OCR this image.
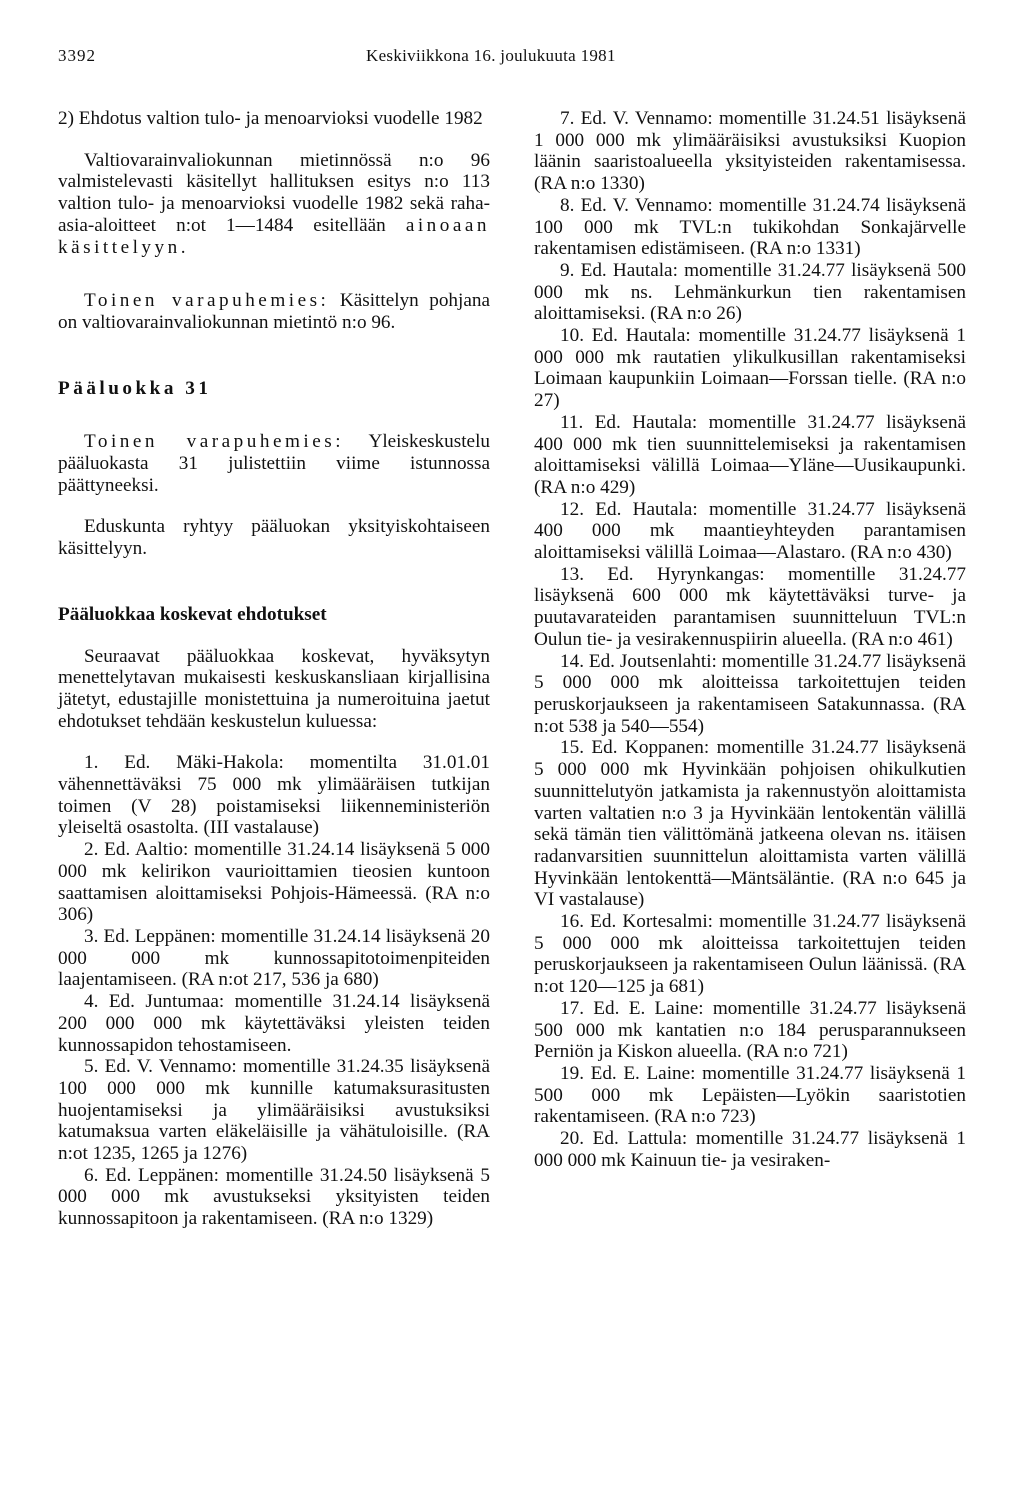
3392	Keskiviikkona 16. joulukuuta 1981

2) Ehdotus valtion tulo- ja menoarvioksi vuodelle 1982

Valtiovarainvaliokunnan mietinnössä n:o 96 valmistelevasti käsitellyt hallituksen esitys n:o 113 valtion tulo- ja menoarvioksi vuodelle 1982 sekä raha-asia-aloitteet n:ot 1—1484 esitellään ainoaan käsittelyyn.

Toinen varapuhemies: Käsittelyn pohjana on valtiovarainvaliokunnan mietintö n:o 96.

Pääluokka 31

Toinen varapuhemies: Yleiskeskustelu pääluokasta 31 julistettiin viime istunnossa päättyneeksi.

Eduskunta ryhtyy pääluokan yksityiskohtaiseen käsittelyyn.

Pääluokkaa koskevat ehdotukset

Seuraavat pääluokkaa koskevat, hyväksytyn menettelytavan mukaisesti keskuskansliaan kirjallisina jätetyt, edustajille monistettuina ja numeroituina jaetut ehdotukset tehdään keskustelun kuluessa:

1. Ed. Mäki-Hakola: momentilta 31.01.01 vähennettäväksi 75 000 mk ylimääräisen tutkijan toimen (V 28) poistamiseksi liikenneministeriön yleiseltä osastolta. (III vastalause)

2. Ed. Aaltio: momentille 31.24.14 lisäyksenä 5 000 000 mk kelirikon vaurioittamien tieosien kuntoon saattamisen aloittamiseksi Pohjois-Hämeessä. (RA n:o 306)

3. Ed. Leppänen: momentille 31.24.14 lisäyksenä 20 000 000 mk kunnossapitotoimenpiteiden laajentamiseen. (RA n:ot 217, 536 ja 680)

4. Ed. Juntumaa: momentille 31.24.14 lisäyksenä 200 000 000 mk käytettäväksi yleisten teiden kunnossapidon tehostamiseen.

5. Ed. V. Vennamo: momentille 31.24.35 lisäyksenä 100 000 000 mk kunnille katumaksurasitusten huojentamiseksi ja ylimääräisiksi avustuksiksi katumaksua varten eläkeläisille ja vähätuloisille. (RA n:ot 1235, 1265 ja 1276)

6. Ed. Leppänen: momentille 31.24.50 lisäyksenä 5 000 000 mk avustukseksi yksityisten teiden kunnossapitoon ja rakentamiseen. (RA n:o 1329)

7. Ed. V. Vennamo: momentille 31.24.51 lisäyksenä 1 000 000 mk ylimääräisiksi avustuksiksi Kuopion läänin saaristoalueella yksityisteiden rakentamisessa. (RA n:o 1330)

8. Ed. V. Vennamo: momentille 31.24.74 lisäyksenä 100 000 mk TVL:n tukikohdan Sonkajärvelle rakentamisen edistämiseen. (RA n:o 1331)

9. Ed. Hautala: momentille 31.24.77 lisäyksenä 500 000 mk ns. Lehmänkurkun tien rakentamisen aloittamiseksi. (RA n:o 26)

10. Ed. Hautala: momentille 31.24.77 lisäyksenä 1 000 000 mk rautatien ylikulkusillan rakentamiseksi Loimaan kaupunkiin Loimaan—Forssan tielle. (RA n:o 27)

11. Ed. Hautala: momentille 31.24.77 lisäyksenä 400 000 mk tien suunnittelemiseksi ja rakentamisen aloittamiseksi välillä Loimaa—Yläne—Uusikaupunki. (RA n:o 429)

12. Ed. Hautala: momentille 31.24.77 lisäyksenä 400 000 mk maantieyhteyden parantamisen aloittamiseksi välillä Loimaa—Alastaro. (RA n:o 430)

13. Ed. Hyrynkangas: momentille 31.24.77 lisäyksenä 600 000 mk käytettäväksi turve- ja puutavarateiden parantamisen suunnitteluun TVL:n Oulun tie- ja vesirakennuspiirin alueella. (RA n:o 461)

14. Ed. Joutsenlahti: momentille 31.24.77 lisäyksenä 5 000 000 mk aloitteissa tarkoitettujen teiden peruskorjaukseen ja rakentamiseen Satakunnassa. (RA n:ot 538 ja 540—554)

15. Ed. Koppanen: momentille 31.24.77 lisäyksenä 5 000 000 mk Hyvinkään pohjoisen ohikulkutien suunnittelutyön jatkamista ja rakennustyön aloittamista varten valtatien n:o 3 ja Hyvinkään lentokentän välillä sekä tämän tien välittömänä jatkeena olevan ns. itäisen radanvarsitien suunnittelun aloittamista varten välillä Hyvinkään lentokenttä—Mäntsäläntie. (RA n:o 645 ja VI vastalause)

16. Ed. Kortesalmi: momentille 31.24.77 lisäyksenä 5 000 000 mk aloitteissa tarkoitettujen teiden peruskorjaukseen ja rakentamiseen Oulun läänissä. (RA n:ot 120—125 ja 681)

17. Ed. E. Laine: momentille 31.24.77 lisäyksenä 500 000 mk kantatien n:o 184 perusparannukseen Perniön ja Kiskon alueella. (RA n:o 721)

19. Ed. E. Laine: momentille 31.24.77 lisäyksenä 1 500 000 mk Lepäisten—Lyökin saaristotien rakentamiseen. (RA n:o 723)

20. Ed. Lattula: momentille 31.24.77 lisäyksenä 1 000 000 mk Kainuun tie- ja vesiraken-
